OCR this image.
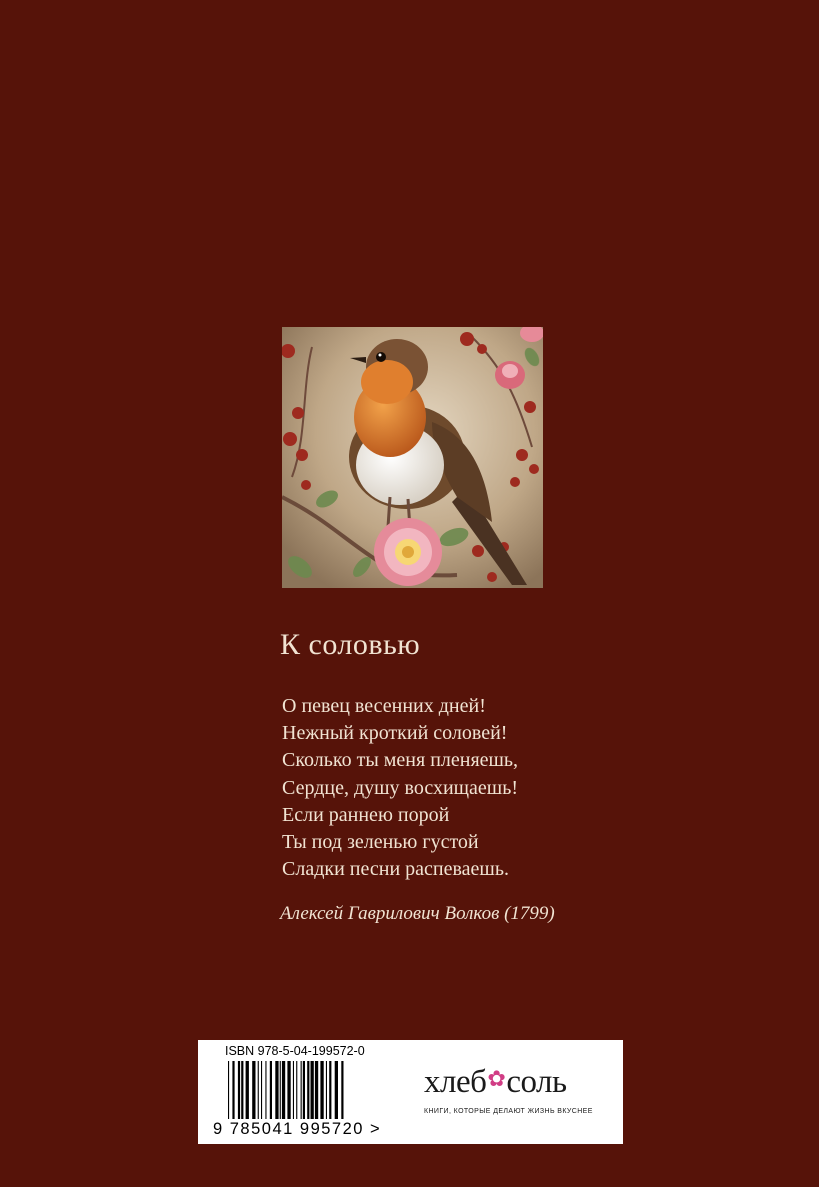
К соловью
О певец весенних дней!
Нежный кроткий соловей!
Сколько ты меня пленяешь,
Сердце, душу восхищаешь!
Если раннею порой
Ты под зеленью густой
Сладки песни распеваешь.
Алексей Гаврилович Волков (1799)
ISBN 978-5-04-199572-0
9 785041 995720 >
хлеб✿соль
КНИГИ, КОТОРЫЕ ДЕЛАЮТ ЖИЗНЬ ВКУСНЕЕ
